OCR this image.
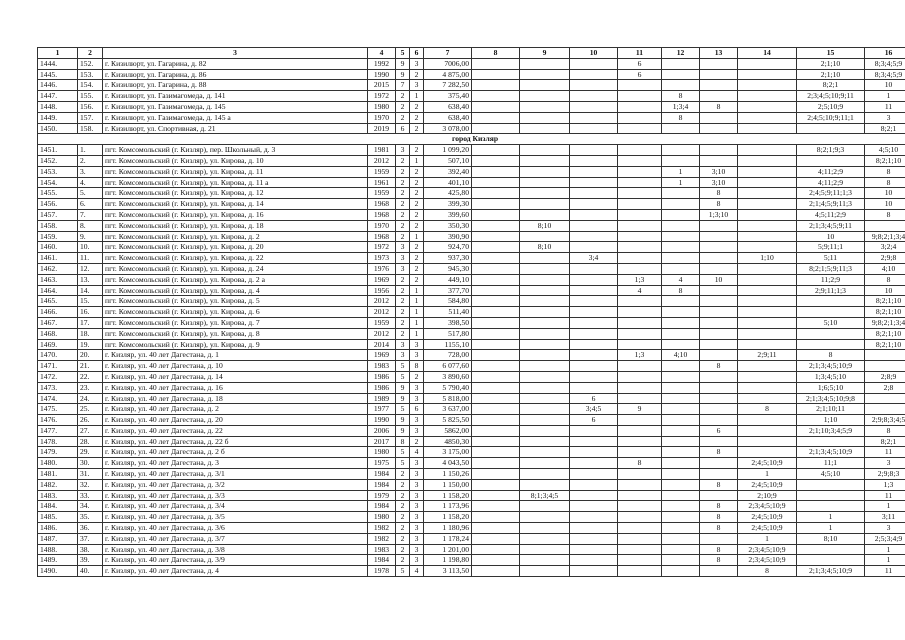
1	2	3	4	5	6	7	8	9	10	11	12	13	14	15	16
1444.	152.	г. Кизилюрт, ул. Гагарина, д. 82	1992	9	3	7006,00				6				2;1;10	8;3;4;5;9
1445.	153.	г. Кизилюрт, ул. Гагарина, д. 86	1990	9	2	4 875,00				6				2;1;10	8;3;4;5;9
1446.	154.	г. Кизилюрт, ул. Гагарина, д. 88	2015	7	3	7 282,50								8;2;1	10
1447.	155.	г. Кизилюрт, ул. Газимагомеда, д. 141	1972	2	1	375,40					8			2;3;4;5;10;9;11	1
1448.	156.	г. Кизилюрт, ул. Газимагомеда, д. 145	1980	2	2	638,40					1;3;4	8		2;5;10;9	11
1449.	157.	г. Кизилюрт, ул. Газимагомеда, д. 145 а	1970	2	2	638,40					8			2;4;5;10;9;11;1	3
1450.	158.	г. Кизилюрт, ул. Спортивная, д. 21	2019	6	2	3 078,00									8;2;1
город Кизляр															
1451.	1.	пгт. Комсомольский (г. Кизляр), пер. Школьный, д. 3	1981	3	2	1 099,20								8;2;1;9;3	4;5;10
1452.	2.	пгт. Комсомольский (г. Кизляр), ул. Кирова, д. 10	2012	2	1	507,10									8;2;1;10
1453.	3.	пгт. Комсомольский (г. Кизляр), ул. Кирова, д. 11	1959	2	2	392,40					1	3;10		4;11;2;9	8
1454.	4.	пгт. Комсомольский (г. Кизляр), ул. Кирова, д. 11 а	1961	2	2	401,10					1	3;10		4;11;2;9	8
1455.	5.	пгт. Комсомольский (г. Кизляр), ул. Кирова, д. 12	1959	2	2	425,80						8		2;4;5;9;11;1;3	10
1456.	6.	пгт. Комсомольский (г. Кизляр), ул. Кирова, д. 14	1968	2	2	399,30						8		2;1;4;5;9;11;3	10
1457.	7.	пгт. Комсомольский (г. Кизляр), ул. Кирова, д. 16	1968	2	2	399,60						1;3;10		4;5;11;2;9	8
1458.	8.	пгт. Комсомольский (г. Кизляр), ул. Кирова, д. 18	1970	2	2	350,30		8;10						2;1;3;4;5;9;11	
1459.	9.	пгт. Комсомольский (г. Кизляр), ул. Кирова, д. 2	1968	2	1	390,90								10	9;8;2;1;3;4
1460.	10.	пгт. Комсомольский (г. Кизляр), ул. Кирова, д. 20	1972	3	2	924,70		8;10						5;9;11;1	3;2;4
1461.	11.	пгт. Комсомольский (г. Кизляр), ул. Кирова, д. 22	1973	3	2	937,30			3;4				1;10	5;11	2;9;8
1462.	12.	пгт. Комсомольский (г. Кизляр), ул. Кирова, д. 24	1976	3	2	945,30								8;2;1;5;9;11;3	4;10
1463.	13.	пгт. Комсомольский (г. Кизляр), ул. Кирова, д. 2 а	1969	2	2	449,10				1;3	4	10		11;2;9	8
1464.	14.	пгт. Комсомольский (г. Кизляр), ул. Кирова, д. 4	1956	2	1	377,70				4	8			2;9;11;1;3	10
1465.	15.	пгт. Комсомольский (г. Кизляр), ул. Кирова, д. 5	2012	2	1	584,80									8;2;1;10
1466.	16.	пгт. Комсомольский (г. Кизляр), ул. Кирова, д. 6	2012	2	1	511,40									8;2;1;10
1467.	17.	пгт. Комсомольский (г. Кизляр), ул. Кирова, д. 7	1959	2	1	398,50								5;10	9;8;2;1;3;4
1468.	18.	пгт. Комсомольский (г. Кизляр), ул. Кирова, д. 8	2012	2	1	517,80									8;2;1;10
1469.	19.	пгт. Комсомольский (г. Кизляр), ул. Кирова, д. 9	2014	3	3	1155,10									8;2;1;10
1470.	20.	г. Кизляр, ул. 40 лет Дагестана, д. 1	1969	3	3	728,00				1;3	4;10		2;9;11	8	
1471.	21.	г. Кизляр, ул. 40 лет Дагестана, д. 10	1983	5	8	6 077,60						8		2;1;3;4;5;10;9	
1472.	22.	г. Кизляр, ул. 40 лет Дагестана, д. 14	1986	5	2	3 890,60								1;3;4;5;10	2;8;9
1473.	23.	г. Кизляр, ул. 40 лет Дагестана, д. 16	1986	9	3	5 790,40								1;6;5;10	2;8
1474.	24.	г. Кизляр, ул. 40 лет Дагестана, д. 18	1989	9	3	5 818,00			6					2;1;3;4;5;10;9;8	
1475.	25.	г. Кизляр, ул. 40 лет Дагестана, д. 2	1977	5	6	3 637,00			3;4;5	9			8	2;1;10;11	
1476.	26.	г. Кизляр, ул. 40 лет Дагестана, д. 20	1990	9	3	5 825,50			6					1;10	2;9;8;3;4;5
1477.	27.	г. Кизляр, ул. 40 лет Дагестана, д. 22	2006	9	3	5862,00						6		2;1;10;3;4;5;9	8
1478.	28.	г. Кизляр, ул. 40 лет Дагестана, д. 22 б	2017	8	2	4850,30									8;2;1
1479.	29.	г. Кизляр, ул. 40 лет Дагестана, д. 2 б	1980	5	4	3 175,00						8		2;1;3;4;5;10;9	11
1480.	30.	г. Кизляр, ул. 40 лет Дагестана, д. 3	1975	5	3	4 043,50				8			2;4;5;10;9	11;1	3
1481.	31.	г. Кизляр, ул. 40 лет Дагестана, д. 3/1	1984	2	3	1 150,26							1	4;5;10	2;9;8;3
1482.	32.	г. Кизляр, ул. 40 лет Дагестана, д. 3/2	1984	2	3	1 150,00						8	2;4;5;10;9		1;3
1483.	33.	г. Кизляр, ул. 40 лет Дагестана, д. 3/3	1979	2	3	1 158,20		8;1;3;4;5					2;10;9		11
1484.	34.	г. Кизляр, ул. 40 лет Дагестана, д. 3/4	1984	2	3	1 173,96						8	2;3;4;5;10;9		1
1485.	35.	г. Кизляр, ул. 40 лет Дагестана, д. 3/5	1980	2	3	1 158,20						8	2;4;5;10;9	1	3;11
1486.	36.	г. Кизляр, ул. 40 лет Дагестана, д. 3/6	1982	2	3	1 180,96						8	2;4;5;10;9	1	3
1487.	37.	г. Кизляр, ул. 40 лет Дагестана, д. 3/7	1982	2	3	1 178,24							1	8;10	2;5;3;4;9
1488.	38.	г. Кизляр, ул. 40 лет Дагестана, д. 3/8	1983	2	3	1 201,00						8	2;3;4;5;10;9		1
1489.	39.	г. Кизляр, ул. 40 лет Дагестана, д. 3/9	1984	2	3	1 198,80						8	2;3;4;5;10;9		1
1490.	40.	г. Кизляр, ул. 40 лет Дагестана, д. 4	1978	5	4	3 113,50							8	2;1;3;4;5;10;9	11
